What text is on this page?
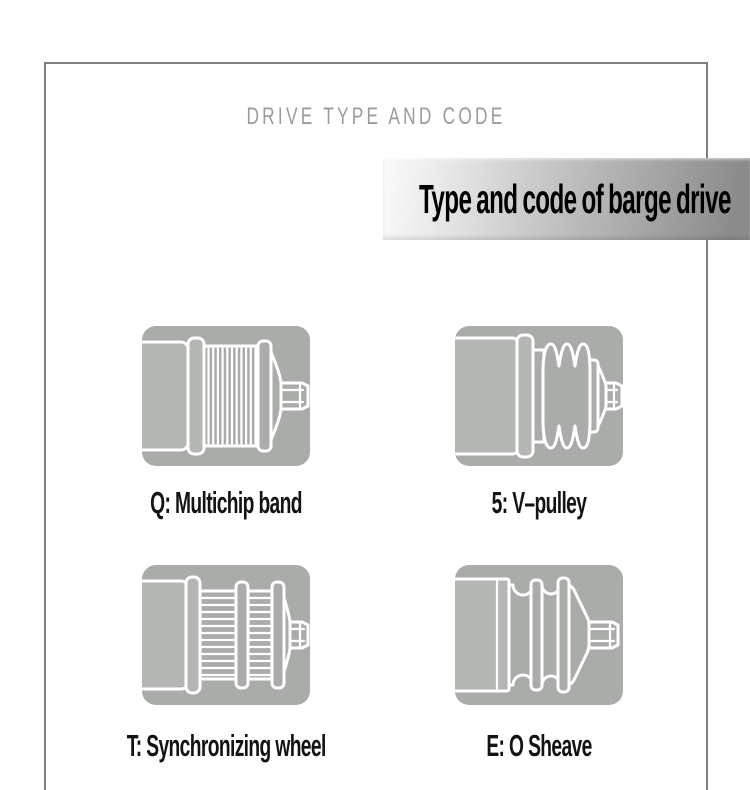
DRIVE TYPE AND CODE
Type and code of barge drive
Q: Multichip band	5: V–pulley
T: Synchronizing wheel	E: O Sheave
